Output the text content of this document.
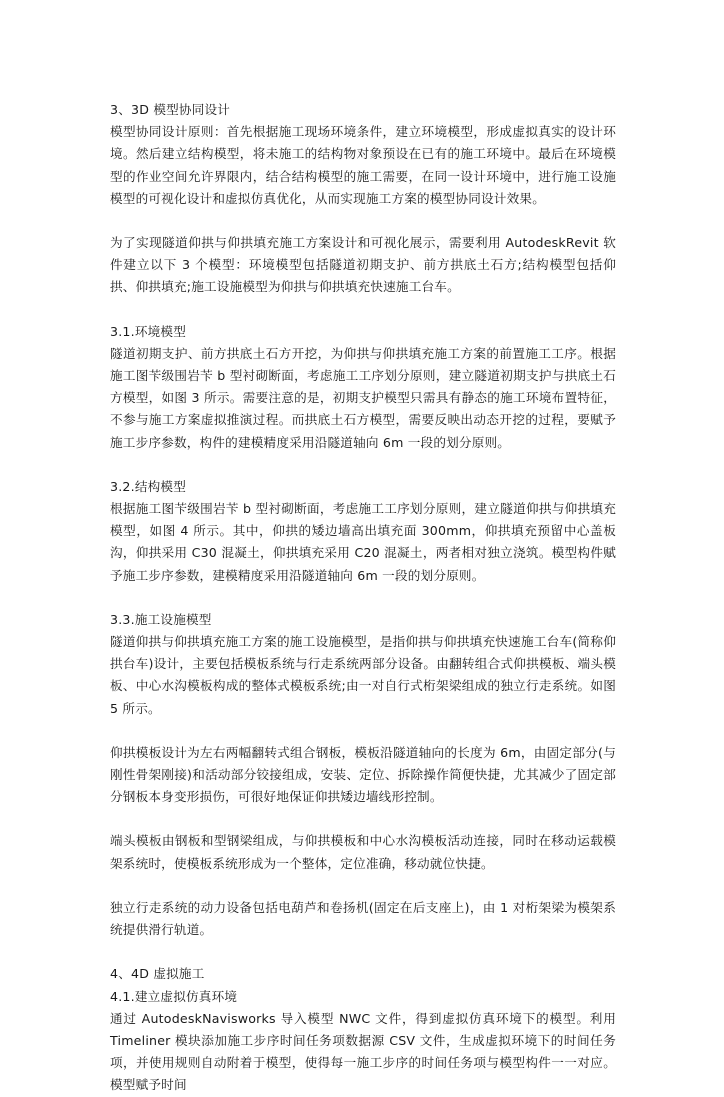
3、3D 模型协同设计

模型协同设计原则：首先根据施工现场环境条件，建立环境模型，形成虚拟真实的设计环境。然后建立结构模型，将未施工的结构物对象预设在已有的施工环境中。最后在环境模型的作业空间允许界限内，结合结构模型的施工需要，在同一设计环境中，进行施工设施模型的可视化设计和虚拟仿真优化，从而实现施工方案的模型协同设计效果。

为了实现隧道仰拱与仰拱填充施工方案设计和可视化展示，需要利用 AutodeskRevit 软件建立以下 3 个模型：环境模型包括隧道初期支护、前方拱底土石方;结构模型包括仰拱、仰拱填充;施工设施模型为仰拱与仰拱填充快速施工台车。

3.1.环境模型

隧道初期支护、前方拱底土石方开挖，为仰拱与仰拱填充施工方案的前置施工工序。根据施工图苄级围岩苄 b 型衬砌断面，考虑施工工序划分原则，建立隧道初期支护与拱底土石方模型，如图 3 所示。需要注意的是，初期支护模型只需具有静态的施工环境布置特征，不参与施工方案虚拟推演过程。而拱底土石方模型，需要反映出动态开挖的过程，要赋予施工步序参数，构件的建模精度采用沿隧道轴向 6m 一段的划分原则。

3.2.结构模型

根据施工图苄级围岩苄 b 型衬砌断面，考虑施工工序划分原则，建立隧道仰拱与仰拱填充模型，如图 4 所示。其中，仰拱的矮边墙高出填充面 300mm，仰拱填充预留中心盖板沟，仰拱采用 C30 混凝土，仰拱填充采用 C20 混凝土，两者相对独立浇筑。模型构件赋予施工步序参数，建模精度采用沿隧道轴向 6m 一段的划分原则。

3.3.施工设施模型

隧道仰拱与仰拱填充施工方案的施工设施模型，是指仰拱与仰拱填充快速施工台车(简称仰拱台车)设计，主要包括模板系统与行走系统两部分设备。由翻转组合式仰拱模板、端头模板、中心水沟模板构成的整体式模板系统;由一对自行式桁架梁组成的独立行走系统。如图 5 所示。

仰拱模板设计为左右两幅翻转式组合钢板，模板沿隧道轴向的长度为 6m，由固定部分(与刚性骨架刚接)和活动部分铰接组成，安装、定位、拆除操作简便快捷，尤其减少了固定部分钢板本身变形损伤，可很好地保证仰拱矮边墙线形控制。

端头模板由钢板和型钢梁组成，与仰拱模板和中心水沟模板活动连接，同时在移动运载模架系统时，使模板系统形成为一个整体，定位准确，移动就位快捷。

独立行走系统的动力设备包括电葫芦和卷扬机(固定在后支座上)，由 1 对桁架梁为模架系统提供滑行轨道。

4、4D 虚拟施工

4.1.建立虚拟仿真环境

通过 AutodeskNavisworks 导入模型 NWC 文件，得到虚拟仿真环境下的模型。利用 Timeliner 模块添加施工步序时间任务项数据源 CSV 文件，生成虚拟环境下的时间任务项，并使用规则自动附着于模型，使得每一施工步序的时间任务项与模型构件一一对应。模型赋予时间
